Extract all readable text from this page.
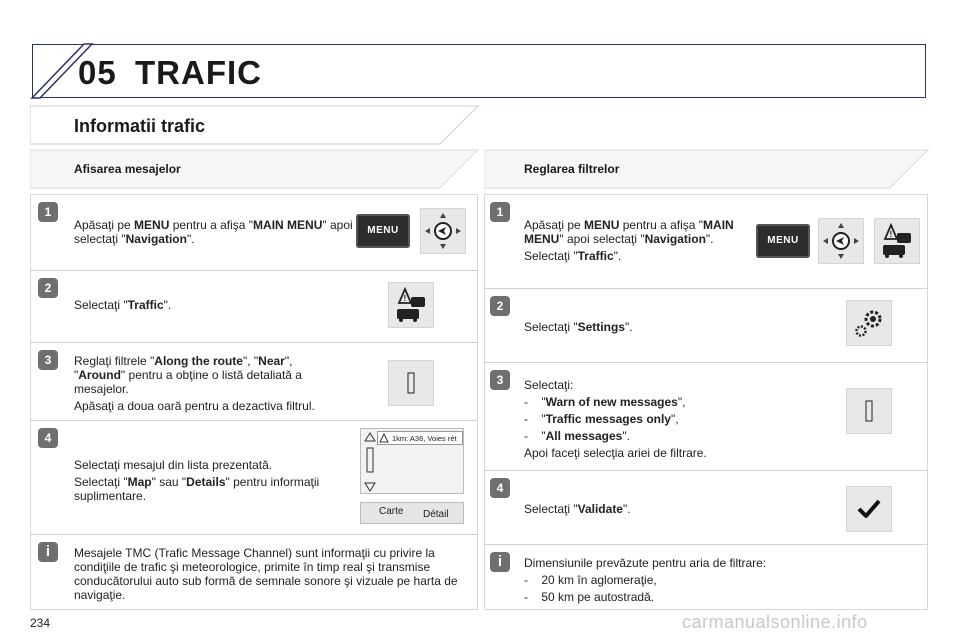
05 TRAFIC
Informatii trafic
Afisarea mesajelor	Reglarea filtrelor
1
Apăsaţi pe MENU pentru a afişa "MAIN MENU" apoi selectaţi "Navigation".
MENU
2
Selectaţi "Traffic".	!
3	Reglaţi filtrele "Along the route", "Near", "Around" pentru a obţine o listă detaliată a mesajelor.
Apăsaţi a doua oară pentru a dezactiva filtrul.
4
Selectaţi mesajul din lista prezentată.
Selectaţi "Map" sau "Details" pentru informaţii suplimentare.
1km: A36, Voies rét
Carte Détail
i	Mesajele TMC (Trafic Message Channel) sunt informaţii cu privire la condiţiile de trafic şi meteorologice, primite în timp real şi transmise conducătorului auto sub formă de semnale sonore şi vizuale pe harta de navigaţie.
1
Apăsaţi pe MENU pentru a afişa "MAIN MENU" apoi selectaţi "Navigation".
Selectaţi "Traffic".
MENU
!
2
Selectaţi "Settings".
3	Selectaţi:
-    "Warn of new messages",
-    "Traffic messages only",
-    "All messages".
Apoi faceţi selecţia ariei de filtrare.
4
Selectaţi "Validate".
i	Dimensiunile prevăzute pentru aria de filtrare:
-    20 km în aglomeraţie,
-    50 km pe autostradă.
234	carmanualsonline.info
